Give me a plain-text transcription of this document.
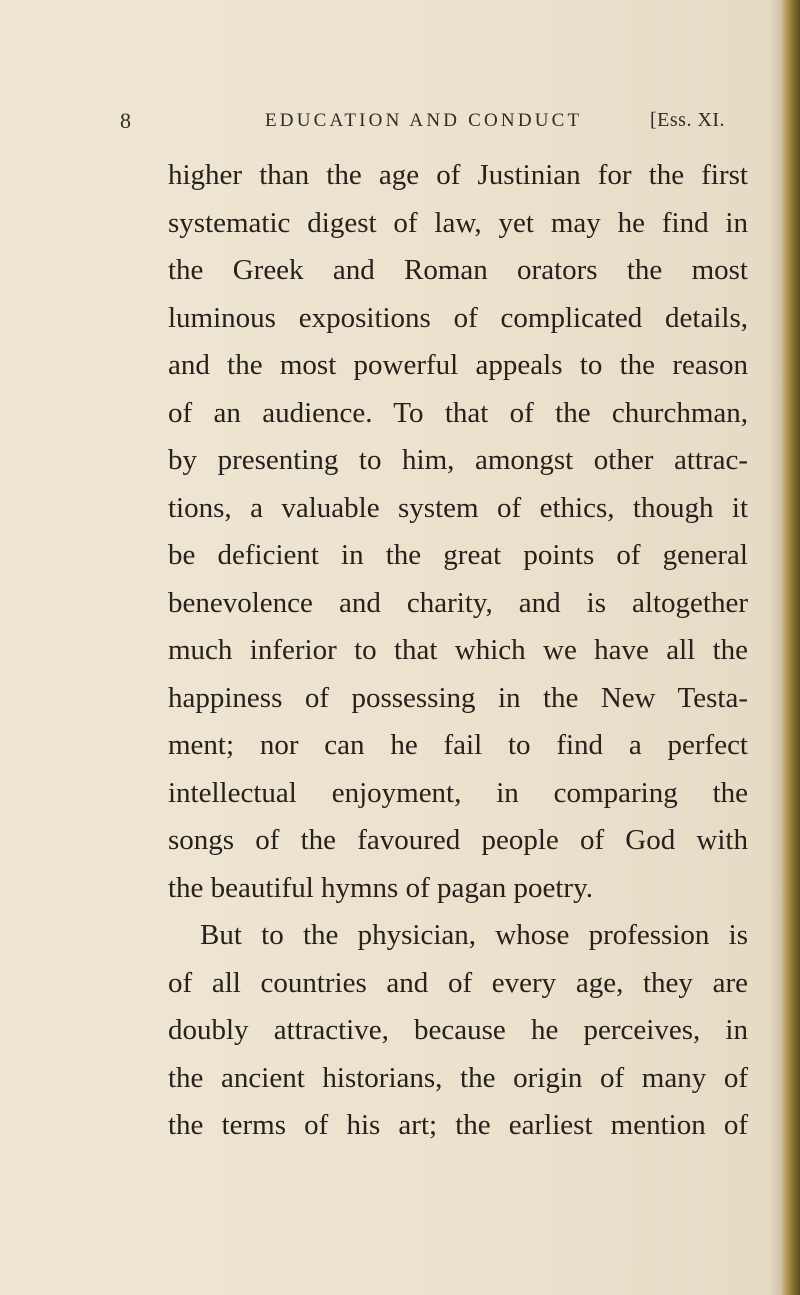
8	EDUCATION AND CONDUCT	[Ess. XI.
higher than the age of Justinian for the first
systematic digest of law, yet may he find in
the Greek and Roman orators the most
luminous expositions of complicated details,
and the most powerful appeals to the reason
of an audience. To that of the churchman,
by presenting to him, amongst other attrac-
tions, a valuable system of ethics, though it
be deficient in the great points of general
benevolence and charity, and is altogether
much inferior to that which we have all the
happiness of possessing in the New Testa-
ment; nor can he fail to find a perfect
intellectual enjoyment, in comparing the
songs of the favoured people of God with
the beautiful hymns of pagan poetry.
But to the physician, whose profession is
of all countries and of every age, they are
doubly attractive, because he perceives, in
the ancient historians, the origin of many of
the terms of his art; the earliest mention of
